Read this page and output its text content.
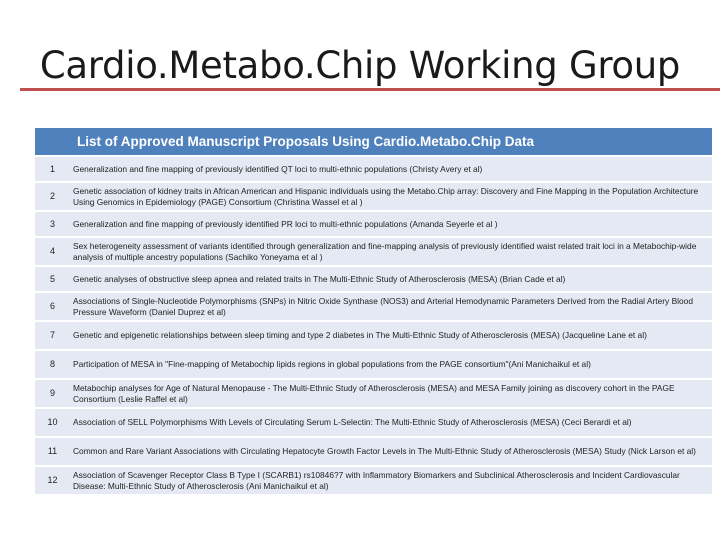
Cardio.Metabo.Chip Working Group
	List of Approved Manuscript Proposals Using Cardio.Metabo.Chip Data
1	Generalization and fine mapping of previously identified QT loci to multi-ethnic populations (Christy Avery et al)
2	Genetic association of kidney traits in African American and Hispanic individuals using the Metabo.Chip array: Discovery and Fine Mapping in the Population Architecture Using Genomics in Epidemiology (PAGE) Consortium (Christina Wassel et al )
3	Generalization and fine mapping of previously identified PR loci to multi-ethnic populations (Amanda Seyerle et al )
4	Sex heterogeneity assessment of variants identified through generalization and fine-mapping analysis of previously identified waist related trait loci in a Metabochip-wide analysis of multiple ancestry populations (Sachiko Yoneyama et al )
5	Genetic analyses of obstructive sleep apnea and related traits in The Multi-Ethnic Study of Atherosclerosis (MESA) (Brian Cade et al)
6	Associations of Single-Nucleotide Polymorphisms (SNPs) in Nitric Oxide Synthase (NOS3) and Arterial Hemodynamic Parameters Derived from the Radial Artery Blood Pressure Waveform (Daniel Duprez et al)
7	Genetic and epigenetic relationships between sleep timing and type 2 diabetes in The Multi-Ethnic Study of Atherosclerosis (MESA) (Jacqueline Lane et al)
8	Participation of MESA in "Fine-mapping of Metabochip lipids regions in global populations from the PAGE consortium"(Ani Manichaikul et al)
9	Metabochip analyses for Age of Natural Menopause - The Multi-Ethnic Study of Atherosclerosis (MESA) and MESA Family joining as discovery cohort in the PAGE Consortium (Leslie Raffel et al)
10	Association of SELL Polymorphisms With Levels of Circulating Serum L-Selectin: The Multi-Ethnic Study of Atherosclerosis (MESA) (Ceci Berardi et al)
11	Common and Rare Variant Associations with Circulating Hepatocyte Growth Factor Levels in The Multi-Ethnic Study of Atherosclerosis (MESA) Study (Nick Larson et al)
12	Association of Scavenger Receptor Class B Type I (SCARB1) rs10846?7 with Inflammatory Biomarkers and Subclinical Atherosclerosis and Incident Cardiovascular Disease: Multi-Ethnic Study of Atherosclerosis (Ani Manichaikul et al)
